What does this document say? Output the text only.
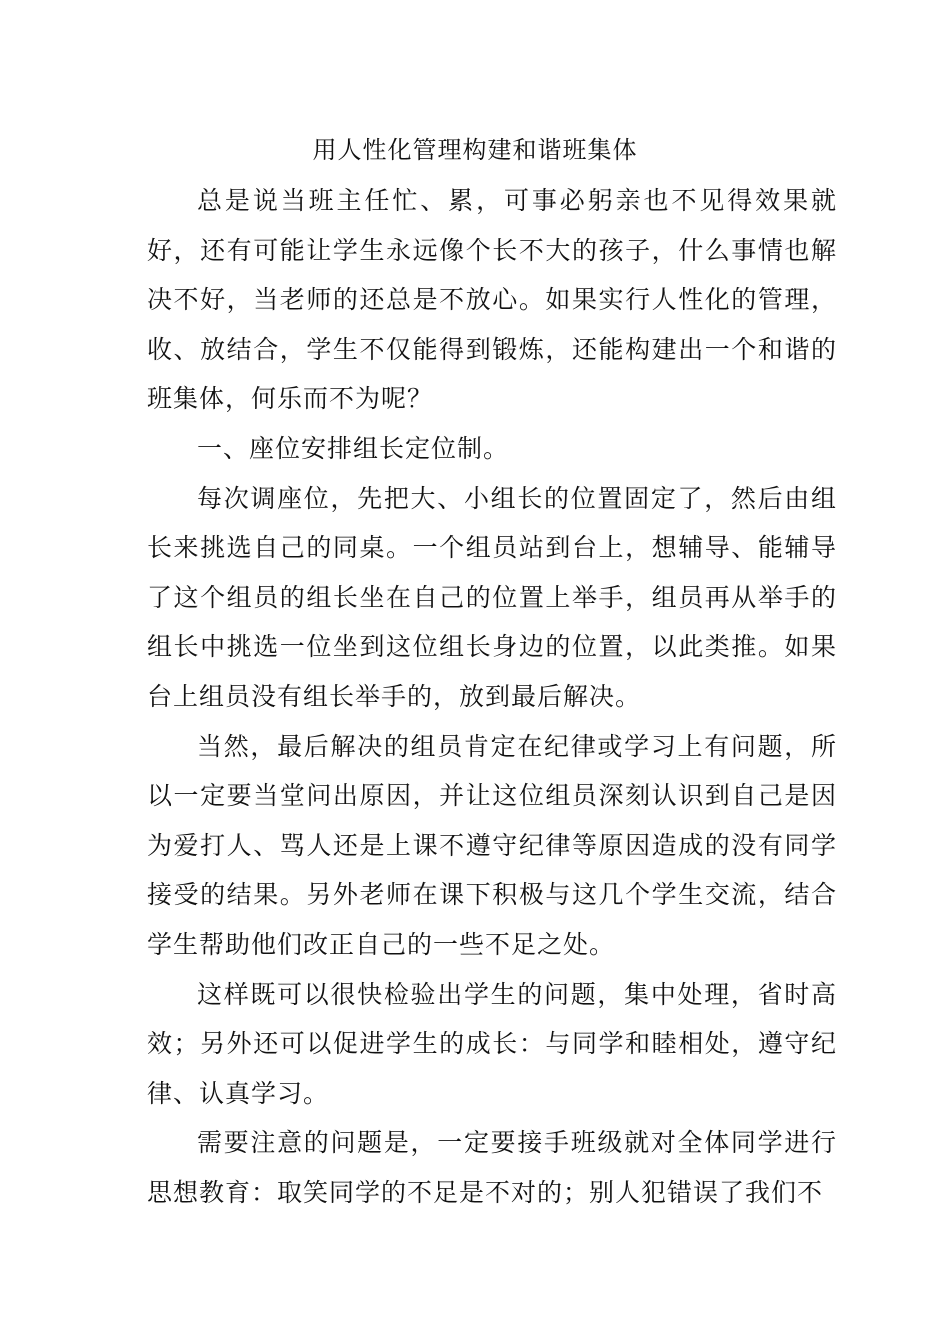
用人性化管理构建和谐班集体

总是说当班主任忙、累，可事必躬亲也不见得效果就好，还有可能让学生永远像个长不大的孩子，什么事情也解决不好，当老师的还总是不放心。如果实行人性化的管理，收、放结合，学生不仅能得到锻炼，还能构建出一个和谐的班集体，何乐而不为呢？

一、座位安排组长定位制。

每次调座位，先把大、小组长的位置固定了，然后由组长来挑选自己的同桌。一个组员站到台上，想辅导、能辅导了这个组员的组长坐在自己的位置上举手，组员再从举手的组长中挑选一位坐到这位组长身边的位置，以此类推。如果台上组员没有组长举手的，放到最后解决。

当然，最后解决的组员肯定在纪律或学习上有问题，所以一定要当堂问出原因，并让这位组员深刻认识到自己是因为爱打人、骂人还是上课不遵守纪律等原因造成的没有同学接受的结果。另外老师在课下积极与这几个学生交流，结合学生帮助他们改正自己的一些不足之处。

这样既可以很快检验出学生的问题，集中处理，省时高效；另外还可以促进学生的成长：与同学和睦相处，遵守纪律、认真学习。

需要注意的问题是，一定要接手班级就对全体同学进行思想教育：取笑同学的不足是不对的；别人犯错误了我们不
